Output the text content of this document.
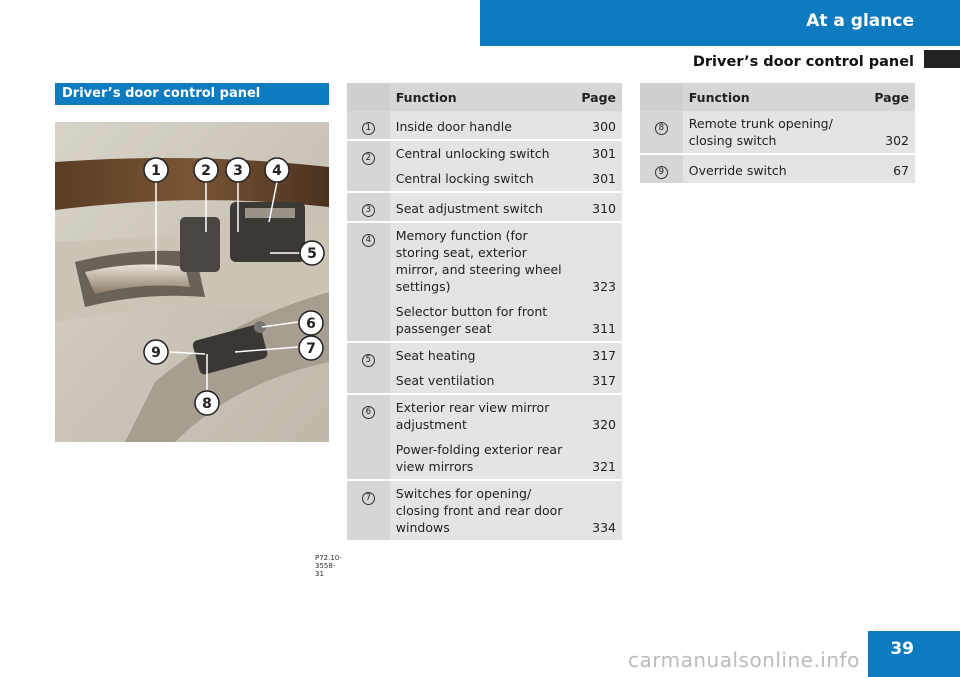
At a glance
Driver’s door control panel
Driver’s door control panel
1	2 3 4
5
6
7
9
8
P72.10-3558-31
	Function	Page
1	Inside door handle	300
2	Central unlocking switch	301
	Central locking switch	301
3	Seat adjustment switch	310
4	Memory function (for storing seat, exterior mirror, and steering wheel settings)	323
	Selector button for front passenger seat	311
5	Seat heating	317
	Seat ventilation	317
6	Exterior rear view mirror adjustment	320
	Power-folding exterior rear view mirrors	321
7	Switches for opening/ closing front and rear door windows	334
	Function	Page
8	Remote trunk opening/ closing switch	302
9	Override switch	67
39
carmanualsonline.info
